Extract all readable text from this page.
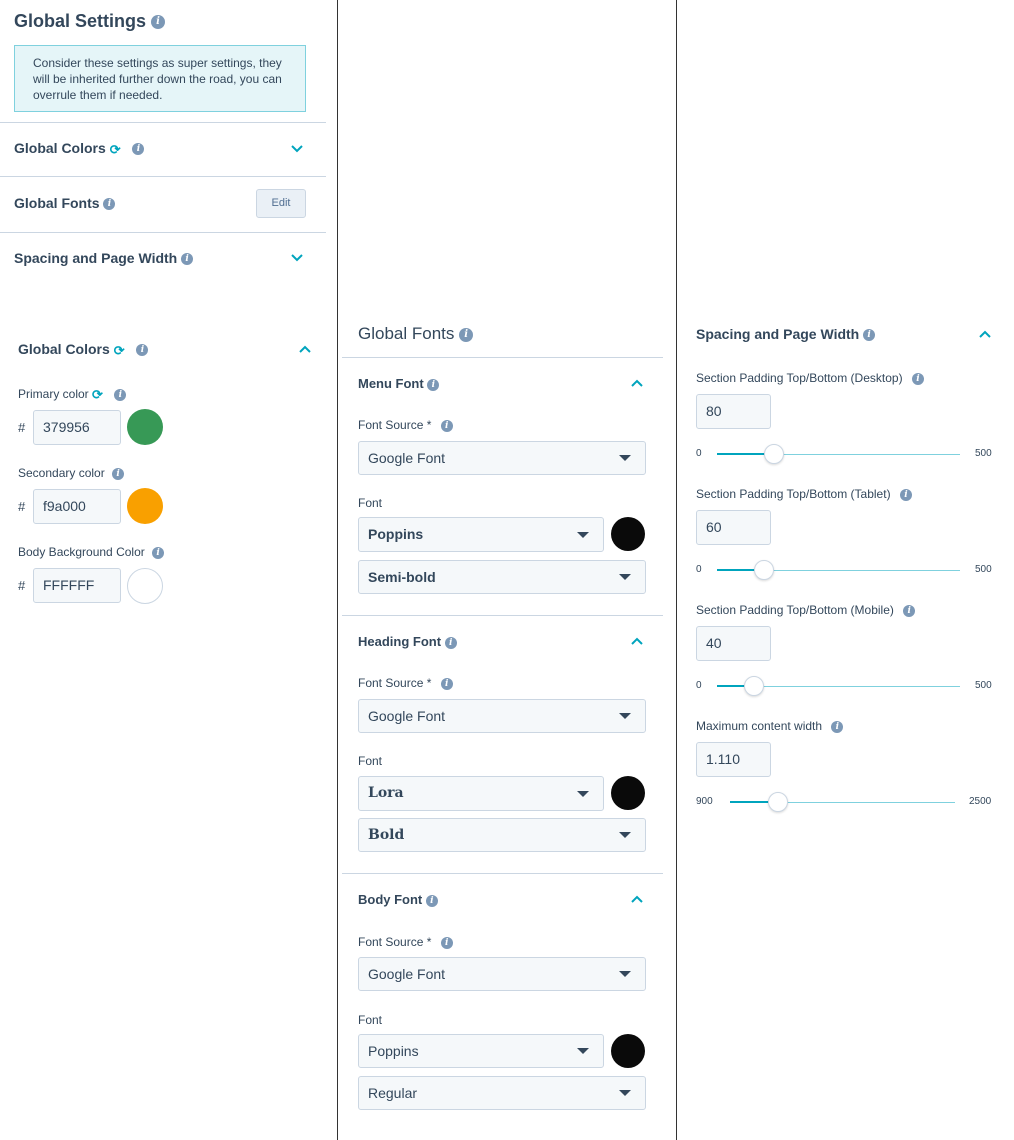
Global Settings i
Consider these settings as super settings, they will be inherited further down the road, you can overrule them if needed.
Global Colors ⟳ i
Global Fonts i	Edit
Spacing and Page Width i
Global Colors ⟳ i
Primary color ⟳ i
#	379956
Secondary color i
#	f9a000
Body Background Color i
#	FFFFFF
Global Fonts i
Menu Font i
Font Source * i
Google Font
Font
Poppins
Semi-bold
Heading Font i
Font Source * i
Google Font
Font
Lora
Bold
Body Font i
Font Source * i
Google Font
Font
Poppins
Regular
Spacing and Page Width i
Section Padding Top/Bottom (Desktop) i
80
0	500
Section Padding Top/Bottom (Tablet) i
60
0	500
Section Padding Top/Bottom (Mobile) i
40
0	500
Maximum content width i
1.110
900	2500
